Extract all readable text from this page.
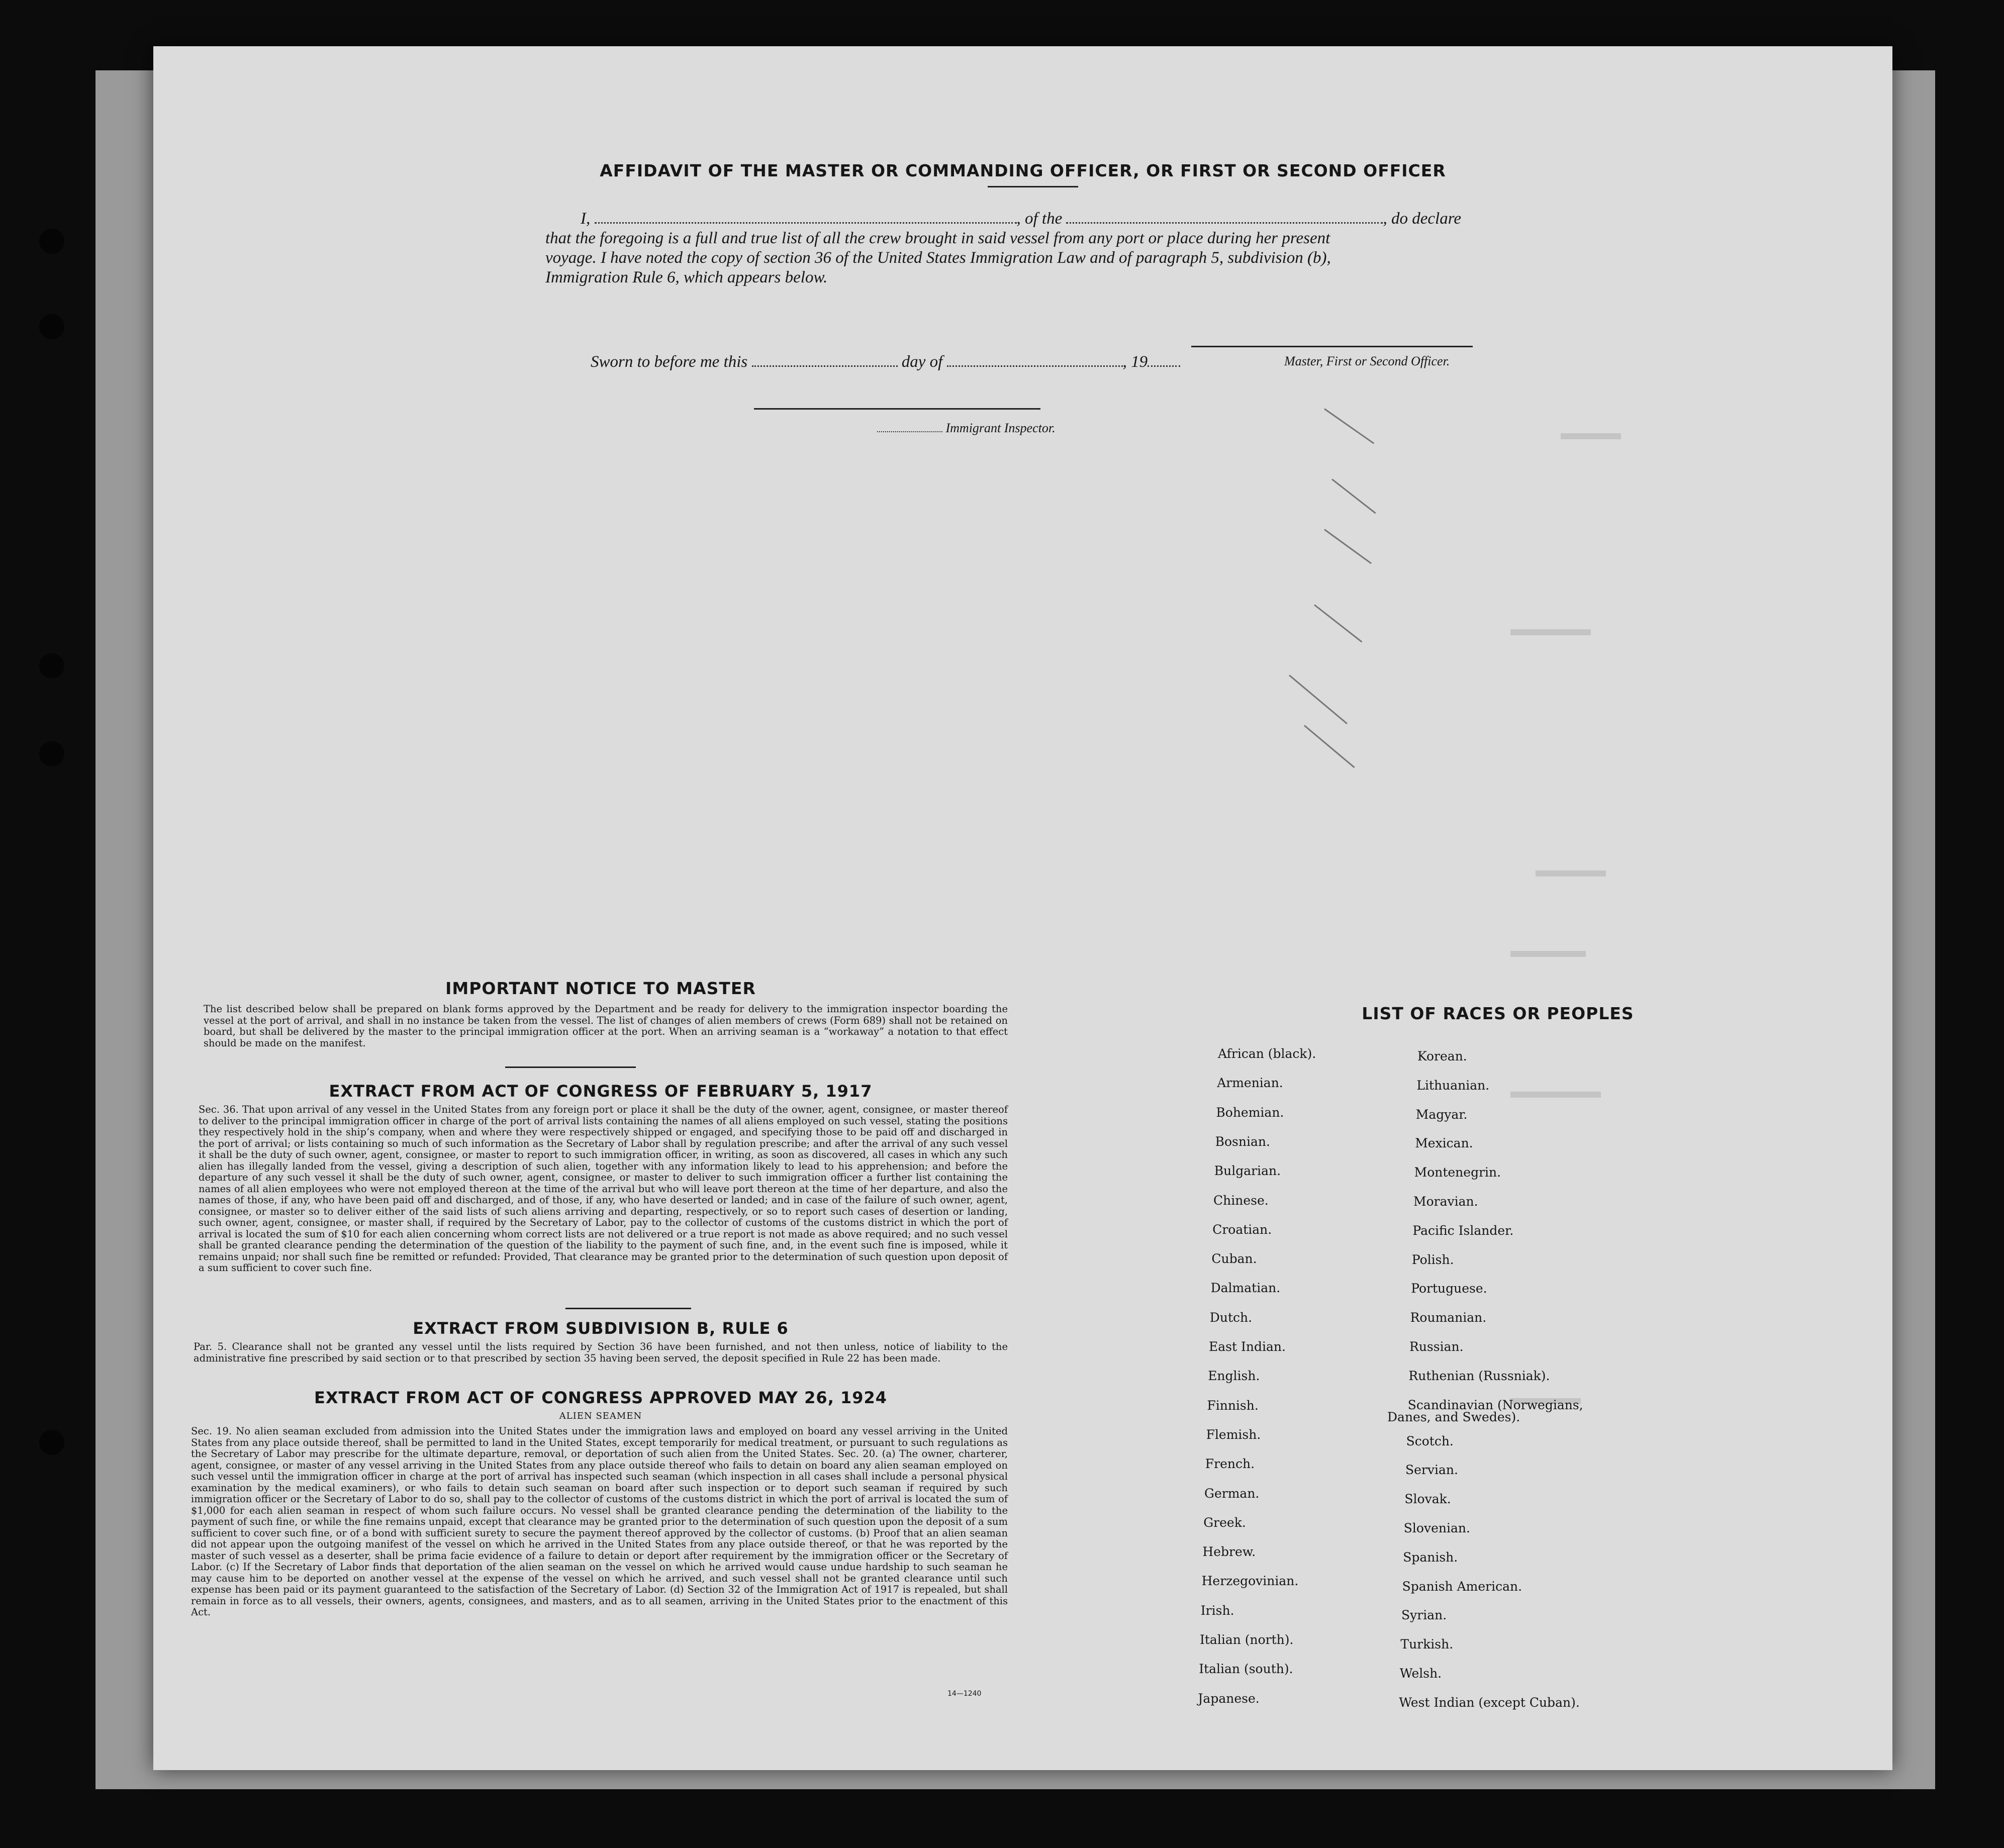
AFFIDAVIT OF THE MASTER OR COMMANDING OFFICER, OR FIRST OR SECOND OFFICER
I,	, of the	, do declare
that the foregoing is a full and true list of all the crew brought in said vessel from any port or place during her present
voyage. I have noted the copy of section 36 of the United States Immigration Law and of paragraph 5, subdivision (b),
Immigration Rule 6, which appears below.
Master, First or Second Officer.
Sworn to before me this	day of	, 19
Immigrant Inspector.
IMPORTANT NOTICE TO MASTER
The list described below shall be prepared on blank forms approved by the Department and be ready for delivery to the immigration inspector boarding the vessel at the port of arrival, and shall in no instance be taken from the vessel. The list of changes of alien members of crews (Form 689) shall not be retained on board, but shall be delivered by the master to the principal immigration officer at the port. When an arriving seaman is a “workaway” a notation to that effect should be made on the manifest.
EXTRACT FROM ACT OF CONGRESS OF FEBRUARY 5, 1917
Sec. 36. That upon arrival of any vessel in the United States from any foreign port or place it shall be the duty of the owner, agent, consignee, or master thereof to deliver to the principal immigration officer in charge of the port of arrival lists containing the names of all aliens employed on such vessel, stating the positions they respectively hold in the ship’s company, when and where they were respectively shipped or engaged, and specifying those to be paid off and discharged in the port of arrival; or lists containing so much of such information as the Secretary of Labor shall by regulation prescribe; and after the arrival of any such vessel it shall be the duty of such owner, agent, consignee, or master to report to such immigration officer, in writing, as soon as discovered, all cases in which any such alien has illegally landed from the vessel, giving a description of such alien, together with any information likely to lead to his apprehension; and before the departure of any such vessel it shall be the duty of such owner, agent, consignee, or master to deliver to such immigration officer a further list containing the names of all alien employees who were not employed thereon at the time of the arrival but who will leave port thereon at the time of her departure, and also the names of those, if any, who have been paid off and discharged, and of those, if any, who have deserted or landed; and in case of the failure of such owner, agent, consignee, or master so to deliver either of the said lists of such aliens arriving and departing, respectively, or so to report such cases of desertion or landing, such owner, agent, consignee, or master shall, if required by the Secretary of Labor, pay to the collector of customs of the customs district in which the port of arrival is located the sum of $10 for each alien concerning whom correct lists are not delivered or a true report is not made as above required; and no such vessel shall be granted clearance pending the determination of the question of the liability to the payment of such fine, and, in the event such fine is imposed, while it remains unpaid; nor shall such fine be remitted or refunded: Provided, That clearance may be granted prior to the determination of such question upon deposit of a sum sufficient to cover such fine.
EXTRACT FROM SUBDIVISION B, RULE 6
Par. 5. Clearance shall not be granted any vessel until the lists required by Section 36 have been furnished, and not then unless, notice of liability to the administrative fine prescribed by said section or to that prescribed by section 35 having been served, the deposit specified in Rule 22 has been made.
EXTRACT FROM ACT OF CONGRESS APPROVED MAY 26, 1924
ALIEN SEAMEN
Sec. 19. No alien seaman excluded from admission into the United States under the immigration laws and employed on board any vessel arriving in the United States from any place outside thereof, shall be permitted to land in the United States, except temporarily for medical treatment, or pursuant to such regulations as the Secretary of Labor may prescribe for the ultimate departure, removal, or deportation of such alien from the United States. Sec. 20. (a) The owner, charterer, agent, consignee, or master of any vessel arriving in the United States from any place outside thereof who fails to detain on board any alien seaman employed on such vessel until the immigration officer in charge at the port of arrival has inspected such seaman (which inspection in all cases shall include a personal physical examination by the medical examiners), or who fails to detain such seaman on board after such inspection or to deport such seaman if required by such immigration officer or the Secretary of Labor to do so, shall pay to the collector of customs of the customs district in which the port of arrival is located the sum of $1,000 for each alien seaman in respect of whom such failure occurs. No vessel shall be granted clearance pending the determination of the liability to the payment of such fine, or while the fine remains unpaid, except that clearance may be granted prior to the determination of such question upon the deposit of a sum sufficient to cover such fine, or of a bond with sufficient surety to secure the payment thereof approved by the collector of customs. (b) Proof that an alien seaman did not appear upon the outgoing manifest of the vessel on which he arrived in the United States from any place outside thereof, or that he was reported by the master of such vessel as a deserter, shall be prima facie evidence of a failure to detain or deport after requirement by the immigration officer or the Secretary of Labor. (c) If the Secretary of Labor finds that deportation of the alien seaman on the vessel on which he arrived would cause undue hardship to such seaman he may cause him to be deported on another vessel at the expense of the vessel on which he arrived, and such vessel shall not be granted clearance until such expense has been paid or its payment guaranteed to the satisfaction of the Secretary of Labor. (d) Section 32 of the Immigration Act of 1917 is repealed, but shall remain in force as to all vessels, their owners, agents, consignees, and masters, and as to all seamen, arriving in the United States prior to the enactment of this Act.
14—1240
LIST OF RACES OR PEOPLES
African (black).
Armenian.
Bohemian.
Bosnian.
Bulgarian.
Chinese.
Croatian.
Cuban.
Dalmatian.
Dutch.
East Indian.
English.
Finnish.
Flemish.
French.
German.
Greek.
Hebrew.
Herzegovinian.
Irish.
Italian (north).
Italian (south).
Japanese.
Korean.
Lithuanian.
Magyar.
Mexican.
Montenegrin.
Moravian.
Pacific Islander.
Polish.
Portuguese.
Roumanian.
Russian.
Ruthenian (Russniak).
Scandinavian (Norwegians,
Danes, and Swedes).
Scotch.
Servian.
Slovak.
Slovenian.
Spanish.
Spanish American.
Syrian.
Turkish.
Welsh.
West Indian (except Cuban).
